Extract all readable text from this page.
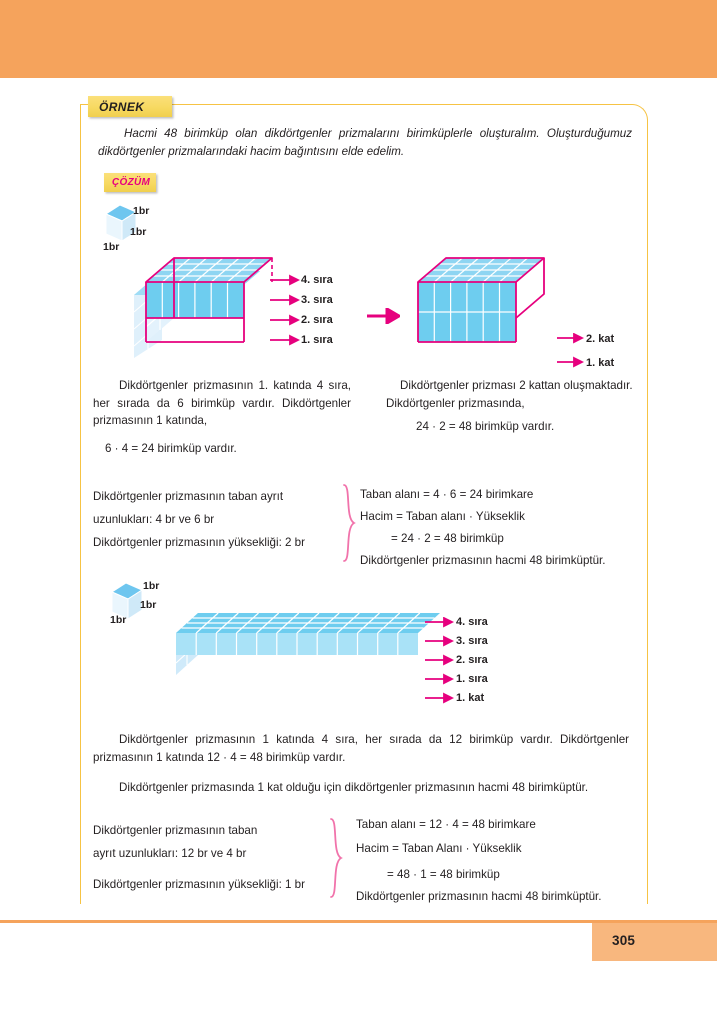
305
ÖRNEK
ÇÖZÜM
Hacmi 48 birimküp olan dikdörtgenler prizmalarını birimküplerle oluşturalım. Oluşturduğumuz dikdörtgenler prizmalarındaki hacim bağıntısını elde edelim.
1br
1br
1br
4. sıra
3. sıra
2. sıra
1. sıra	2. kat
1. kat
Dikdörtgenler prizmasının 1. katında 4 sıra, her sırada da 6 birimküp vardır. Dikdörtgenler prizmasının 1 katında,
6 · 4 = 24 birimküp vardır.
Dikdörtgenler prizması 2 kattan oluşmaktadır. Dikdörtgenler prizmasında,
24 · 2 = 48 birimküp vardır.
Dikdörtgenler prizmasının taban ayrıt
uzunlukları: 4 br ve 6 br
Dikdörtgenler prizmasının yüksekliği: 2 br
Taban alanı = 4 · 6 = 24 birimkare
Hacim = Taban alanı · Yükseklik
= 24 · 2 = 48 birimküp
Dikdörtgenler prizmasının hacmi 48 birimküptür.
1br
1br
1br	4. sıra
3. sıra
2. sıra
1. sıra
1. kat
Dikdörtgenler prizmasının 1 katında 4 sıra, her sırada da 12 birimküp vardır. Dikdörtgenler prizmasının 1 katında 12 · 4 = 48 birimküp vardır.
Dikdörtgenler prizmasında 1 kat olduğu için dikdörtgenler prizmasının hacmi 48 birimküptür.
Dikdörtgenler prizmasının taban
ayrıt uzunlukları: 12 br ve 4 br
Dikdörtgenler prizmasının yüksekliği: 1 br
Taban alanı = 12 · 4 = 48 birimkare
Hacim = Taban Alanı · Yükseklik
= 48 · 1 = 48 birimküp
Dikdörtgenler prizmasının hacmi 48 birimküptür.
